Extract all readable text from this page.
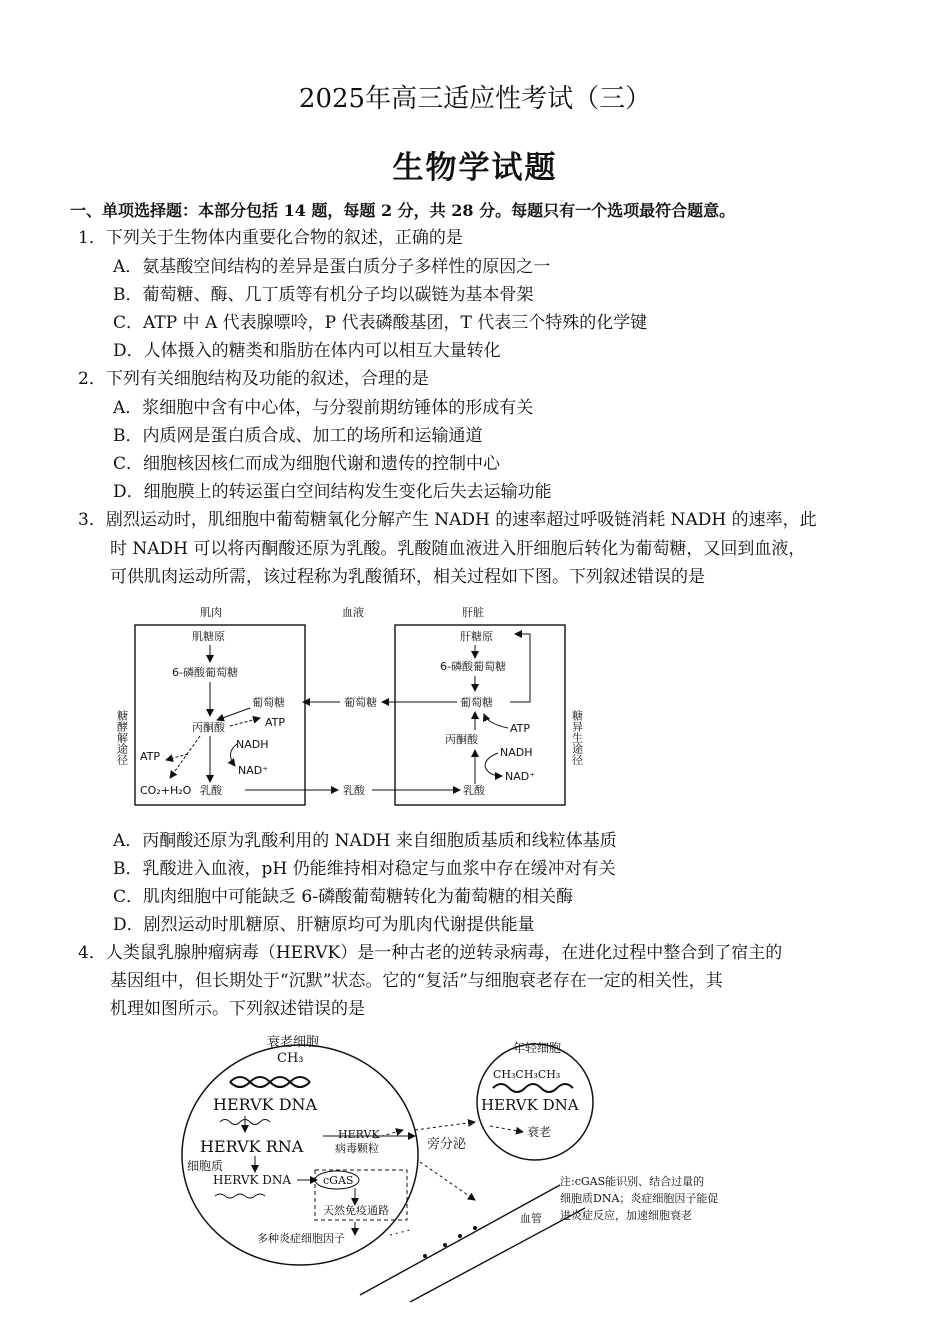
2025年高三适应性考试（三）
生物学试题
一、单项选择题：本部分包括 14 题，每题 2 分，共 28 分。每题只有一个选项最符合题意。
1．下列关于生物体内重要化合物的叙述，正确的是
A．氨基酸空间结构的差异是蛋白质分子多样性的原因之一
B．葡萄糖、酶、几丁质等有机分子均以碳链为基本骨架
C．ATP 中 A 代表腺嘌呤，P 代表磷酸基团，T 代表三个特殊的化学键
D．人体摄入的糖类和脂肪在体内可以相互大量转化
2．下列有关细胞结构及功能的叙述，合理的是
A．浆细胞中含有中心体，与分裂前期纺锤体的形成有关
B．内质网是蛋白质合成、加工的场所和运输通道
C．细胞核因核仁而成为细胞代谢和遗传的控制中心
D．细胞膜上的转运蛋白空间结构发生变化后失去运输功能
3．剧烈运动时，肌细胞中葡萄糖氧化分解产生 NADH 的速率超过呼吸链消耗 NADH 的速率，此
时 NADH 可以将丙酮酸还原为乳酸。乳酸随血液进入肝细胞后转化为葡萄糖，又回到血液，
可供肌肉运动所需，该过程称为乳酸循环，相关过程如下图。下列叙述错误的是
肌肉	血液	肝脏
肌糖原
6-磷酸葡萄糖
葡萄糖
丙酮酸	ATP
NADH
NAD⁺
ATP
CO₂+H₂O 乳酸	乳酸
葡萄糖
肝糖原
6-磷酸葡萄糖
葡萄糖
ATP
丙酮酸
NADH
NAD⁺
乳酸
糖酵解途径	糖异生途径
A．丙酮酸还原为乳酸利用的 NADH 来自细胞质基质和线粒体基质
B．乳酸进入血液，pH 仍能维持相对稳定与血浆中存在缓冲对有关
C．肌肉细胞中可能缺乏 6-磷酸葡萄糖转化为葡萄糖的相关酶
D．剧烈运动时肌糖原、肝糖原均可为肌肉代谢提供能量
4．人类鼠乳腺肿瘤病毒（HERVK）是一种古老的逆转录病毒，在进化过程中整合到了宿主的
基因组中，但长期处于“沉默”状态。它的“复活”与细胞衰老存在一定的相关性，其
机理如图所示。下列叙述错误的是
衰老细胞
CH₃
HERVK DNA
HERVK RNA
细胞质
HERVK DNA
HERVK
病毒颗粒
cGAS
天然免疫通路
多种炎症细胞因子
旁分泌
血管
年轻细胞
CH₃CH₃CH₃
HERVK DNA
衰老
注:cGAS能识别、结合过量的
细胞质DNA；炎症细胞因子能促
进炎症反应，加速细胞衰老
